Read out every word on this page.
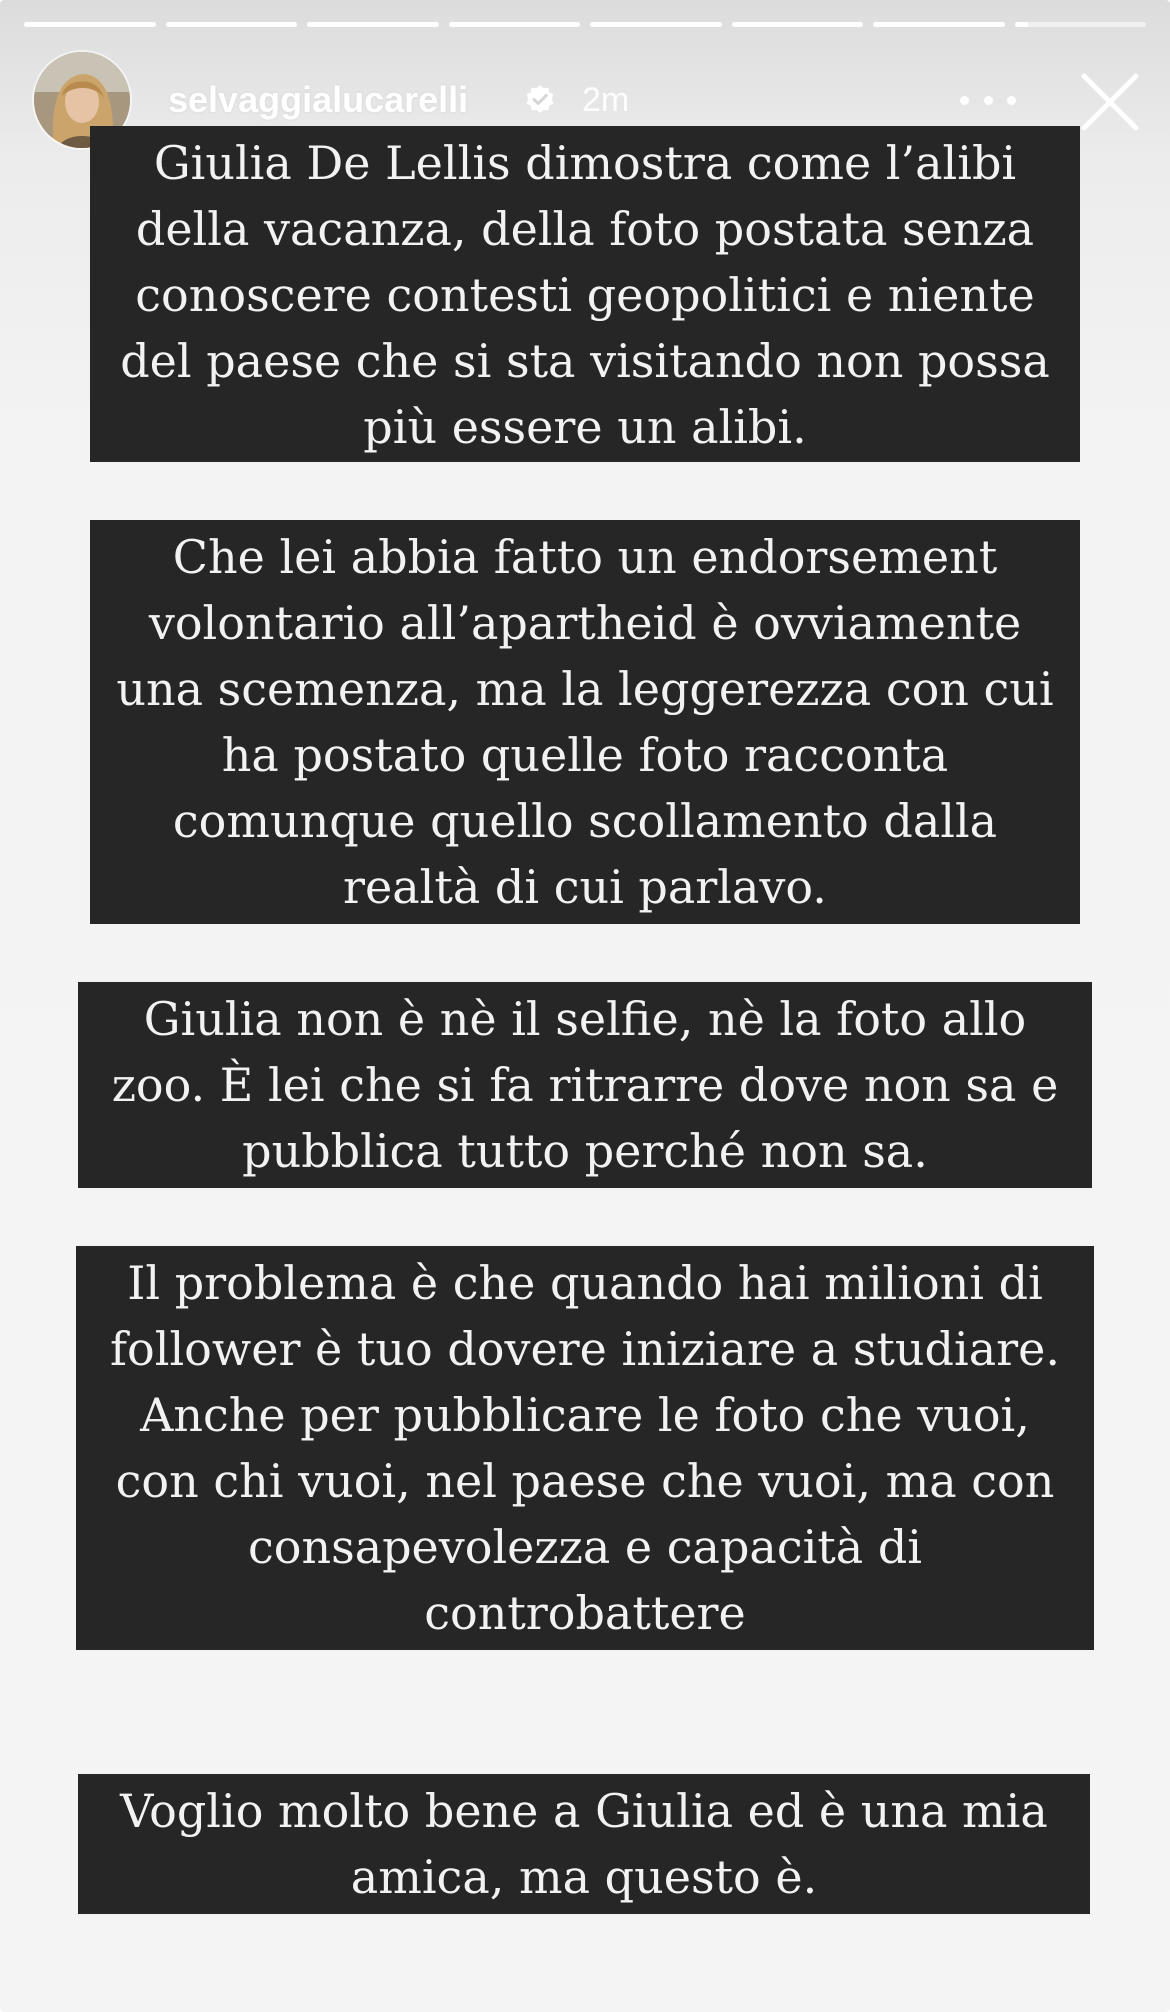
selvaggialucarelli	2m
Giulia De Lellis dimostra come l’alibi
della vacanza, della foto postata senza
conoscere contesti geopolitici e niente
del paese che si sta visitando non possa
più essere un alibi.
Che lei abbia fatto un endorsement
volontario all’apartheid è ovviamente
una scemenza, ma la leggerezza con cui
ha postato quelle foto racconta
comunque quello scollamento dalla
realtà di cui parlavo.
Giulia non è nè il selfie, nè la foto allo
zoo. È lei che si fa ritrarre dove non sa e
pubblica tutto perché non sa.
Il problema è che quando hai milioni di
follower è tuo dovere iniziare a studiare.
Anche per pubblicare le foto che vuoi,
con chi vuoi, nel paese che vuoi, ma con
consapevolezza e capacità di
controbattere
Voglio molto bene a Giulia ed è una mia
amica, ma questo è.
